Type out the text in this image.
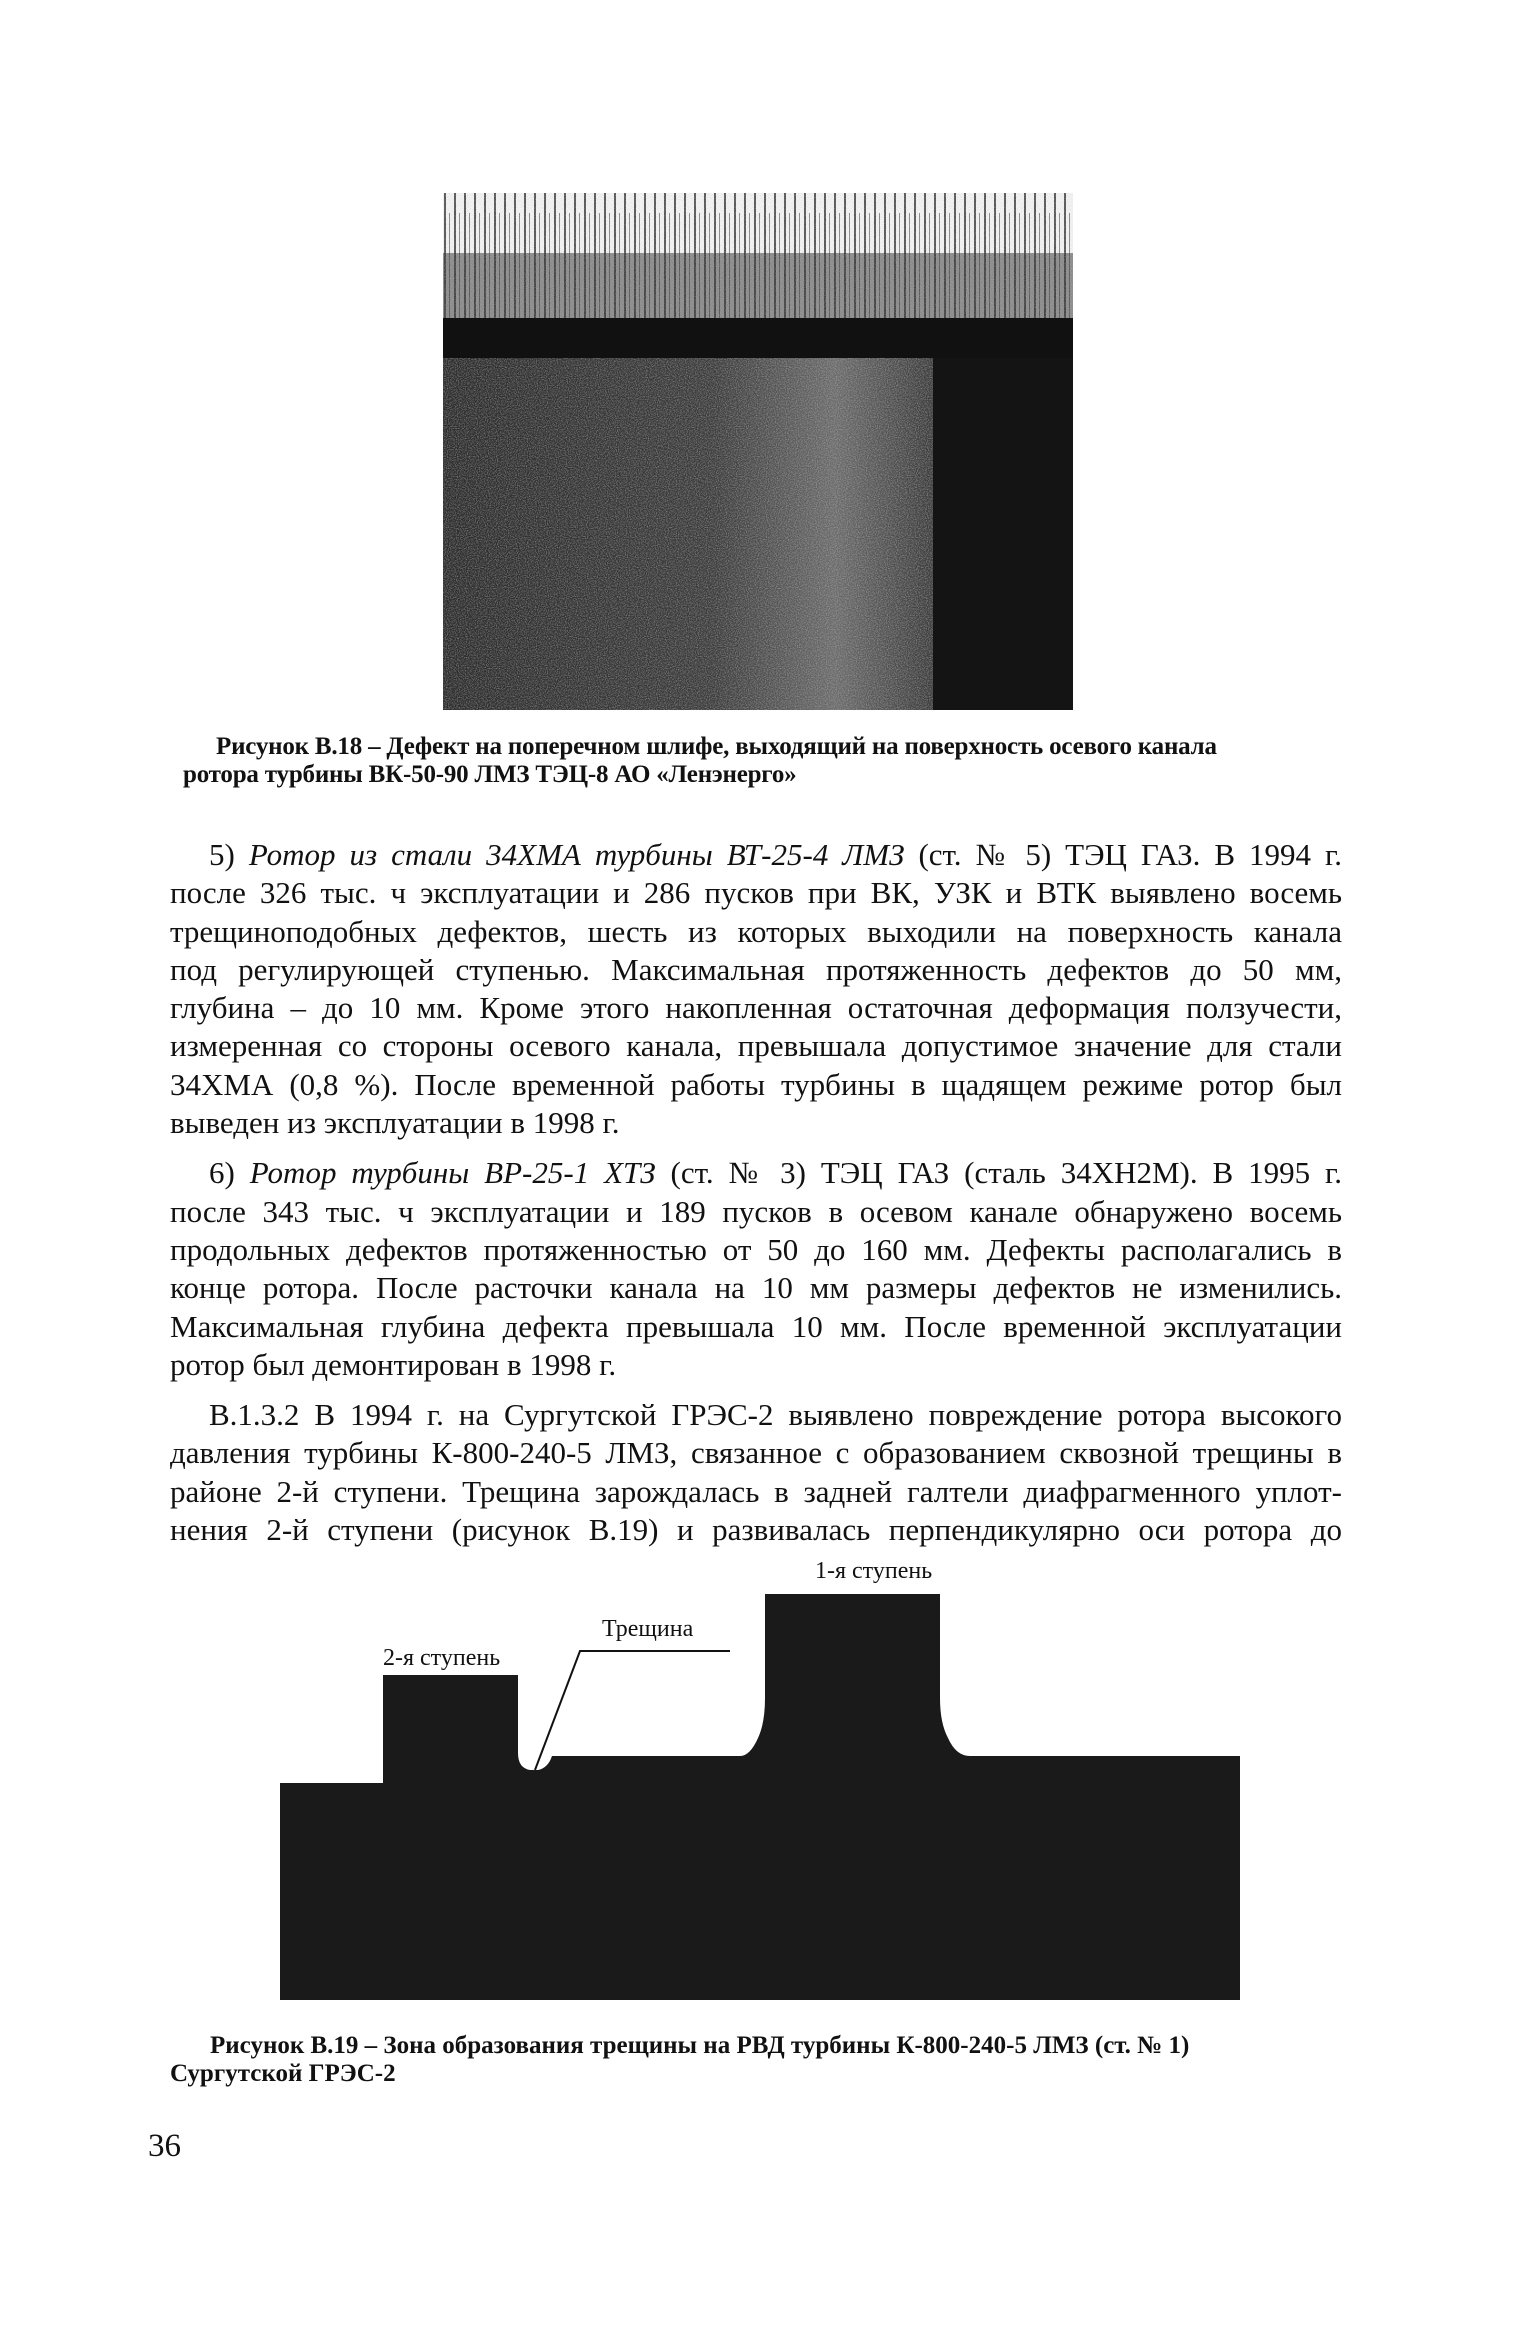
Рисунок В.18 – Дефект на поперечном шлифе, выходящий на поверхность осевого канала
ротора турбины ВК-50-90 ЛМЗ ТЭЦ-8 АО «Ленэнерго»

5) Ротор из стали 34ХМА турбины ВТ-25-4 ЛМЗ (ст. № 5) ТЭЦ ГАЗ. В 1994 г.
после 326 тыс. ч эксплуатации и 286 пусков при ВК, УЗК и ВТК выявлено восемь
трещиноподобных дефектов, шесть из которых выходили на поверхность канала
под регулирующей ступенью. Максимальная протяженность дефектов до 50 мм,
глубина – до 10 мм. Кроме этого накопленная остаточная деформация ползучести,
измеренная со стороны осевого канала, превышала допустимое значение для стали
34ХМА (0,8 %). После временной работы турбины в щадящем режиме ротор был
выведен из эксплуатации в 1998 г.

6) Ротор турбины ВР-25-1 ХТЗ (ст. № 3) ТЭЦ ГАЗ (сталь 34ХН2М). В 1995 г.
после 343 тыс. ч эксплуатации и 189 пусков в осевом канале обнаружено восемь
продольных дефектов протяженностью от 50 до 160 мм. Дефекты располагались в
конце ротора. После расточки канала на 10 мм размеры дефектов не изменились.
Максимальная глубина дефекта превышала 10 мм. После временной эксплуатации
ротор был демонтирован в 1998 г.

В.1.3.2 В 1994 г. на Сургутской ГРЭС-2 выявлено повреждение ротора высокого
давления турбины К-800-240-5 ЛМЗ, связанное с образованием сквозной трещины в
районе 2-й ступени. Трещина зарождалась в задней галтели диафрагменного уплот-
нения 2-й ступени (рисунок В.19) и развивалась перпендикулярно оси ротора до

1-я ступень
Трещина
2-я ступень
Рисунок В.19 – Зона образования трещины на РВД турбины К-800-240-5 ЛМЗ (ст. № 1)
Сургутской ГРЭС-2
36
